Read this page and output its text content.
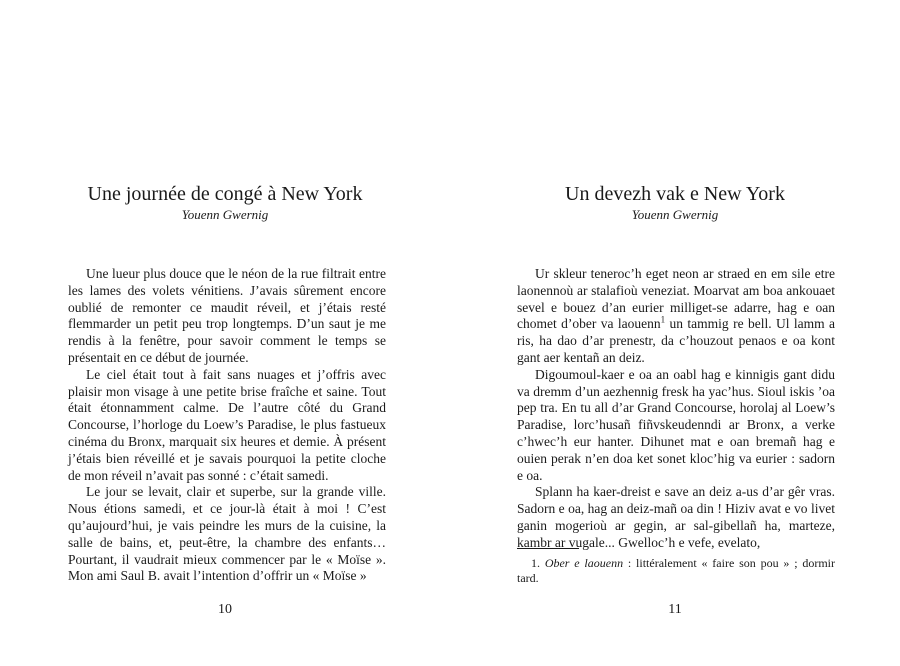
Une journée de congé à New York
Youenn Gwernig

Une lueur plus douce que le néon de la rue filtrait entre les lames des volets vénitiens. J’avais sûrement encore oublié de remonter ce maudit réveil, et j’étais resté flemmarder un petit peu trop longtemps. D’un saut je me rendis à la fenêtre, pour savoir comment le temps se présentait en ce début de journée.

Le ciel était tout à fait sans nuages et j’offris avec plaisir mon visage à une petite brise fraîche et saine. Tout était étonnamment calme. De l’autre côté du Grand Concourse, l’horloge du Loew’s Paradise, le plus fastueux cinéma du Bronx, marquait six heures et demie. À présent j’étais bien réveillé et je savais pourquoi la petite cloche de mon réveil n’avait pas sonné : c’était samedi.

Le jour se levait, clair et superbe, sur la grande ville. Nous étions samedi, et ce jour-là était à moi ! C’est qu’aujourd’hui, je vais peindre les murs de la cuisine, la salle de bains, et, peut-être, la chambre des enfants… Pourtant, il vaudrait mieux commencer par le « Moïse ». Mon ami Saul B. avait l’intention d’offrir un « Moïse »

10
Un devezh vak e New York
Youenn Gwernig

Ur skleur teneroc’h eget neon ar straed en em sile etre laonennoù ar stalafioù veneziat. Moarvat am boa ankouaet sevel e bouez d’an eurier milliget-se adarre, hag e oan chomet d’ober va laouenn$^1$ un tammig re bell. Ul lamm a ris, ha dao d’ar prenestr, da c’houzout penaos e oa kont gant aer kentañ an deiz.

Digoumoul-kaer e oa an oabl hag e kinnigis gant didu va dremm d’un aezhennig fresk ha yac’hus. Sioul iskis ’oa pep tra. En tu all d’ar Grand Concourse, horolaj al Loew’s Paradise, lorc’husañ fiñvskeudenndi ar Bronx, a verke c’hwec’h eur hanter. Dihunet mat e oan bremañ hag e ouien perak n’en doa ket sonet kloc’hig va eurier : sadorn e oa.

Splann ha kaer-dreist e save an deiz a-us d’ar gêr vras. Sadorn e oa, hag an deiz-mañ oa din ! Hiziv avat e vo livet ganin mogerioù ar gegin, ar sal-gibellañ ha, marteze, kambr ar vugale... Gwelloc’h e vefe, evelato,

1. Ober e laouenn : littéralement « faire son pou » ; dormir tard.
11
